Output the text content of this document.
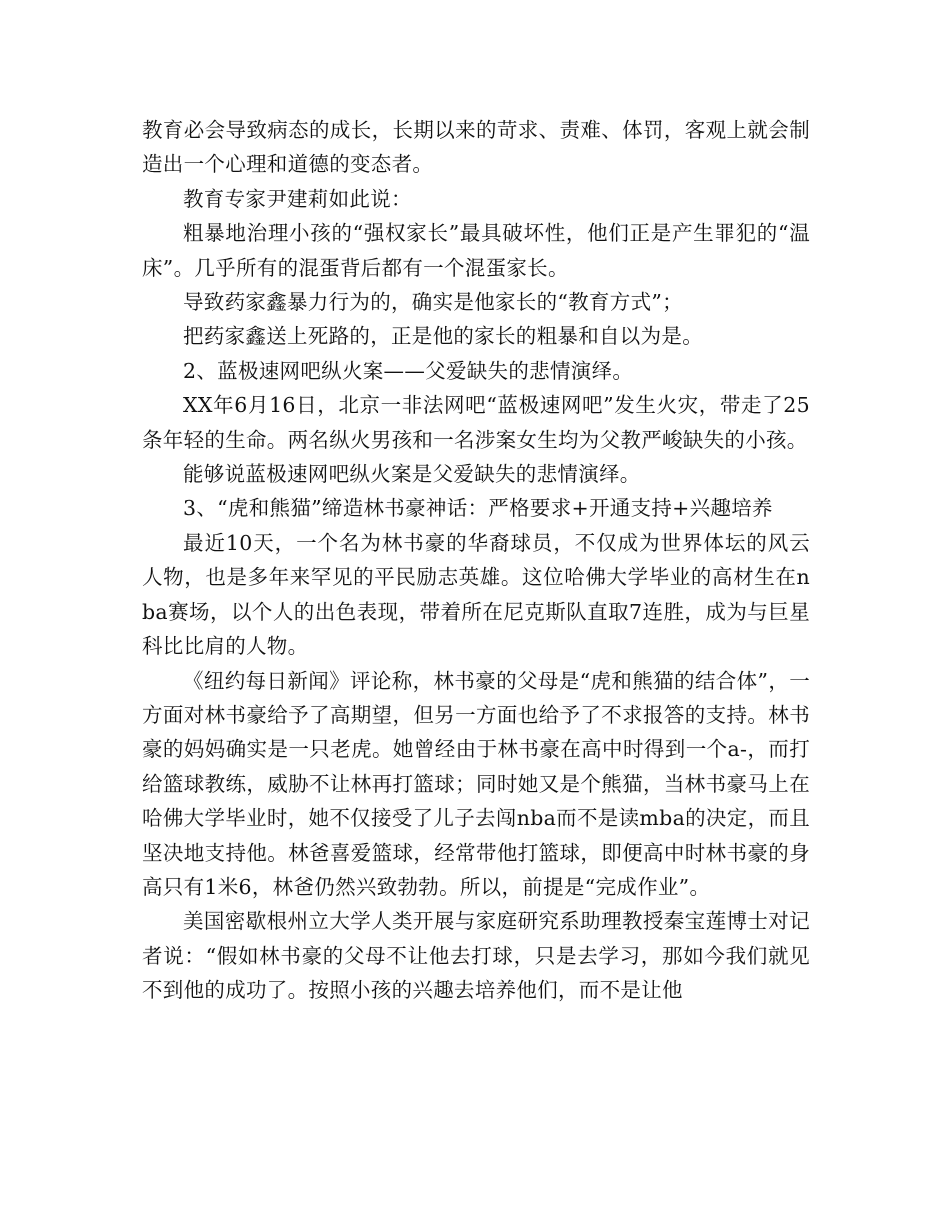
教育必会导致病态的成长，长期以来的苛求、责难、体罚，客观上就会制造出一个心理和道德的变态者。

教育专家尹建莉如此说：

粗暴地治理小孩的“强权家长”最具破坏性，他们正是产生罪犯的“温床”。几乎所有的混蛋背后都有一个混蛋家长。

导致药家鑫暴力行为的，确实是他家长的“教育方式”；

把药家鑫送上死路的，正是他的家长的粗暴和自以为是。

2、蓝极速网吧纵火案——父爱缺失的悲情演绎。

XX年6月16日，北京一非法网吧“蓝极速网吧”发生火灾，带走了25条年轻的生命。两名纵火男孩和一名涉案女生均为父教严峻缺失的小孩。

能够说蓝极速网吧纵火案是父爱缺失的悲情演绎。

3、“虎和熊猫”缔造林书豪神话：严格要求+开通支持+兴趣培养

最近10天，一个名为林书豪的华裔球员，不仅成为世界体坛的风云人物，也是多年来罕见的平民励志英雄。这位哈佛大学毕业的高材生在nba赛场，以个人的出色表现，带着所在尼克斯队直取7连胜，成为与巨星科比比肩的人物。

《纽约每日新闻》评论称，林书豪的父母是“虎和熊猫的结合体”，一方面对林书豪给予了高期望，但另一方面也给予了不求报答的支持。林书豪的妈妈确实是一只老虎。她曾经由于林书豪在高中时得到一个a-，而打给篮球教练，威胁不让林再打篮球；同时她又是个熊猫，当林书豪马上在哈佛大学毕业时，她不仅接受了儿子去闯nba而不是读mba的决定，而且坚决地支持他。林爸喜爱篮球，经常带他打篮球，即便高中时林书豪的身高只有1米6，林爸仍然兴致勃勃。所以，前提是“完成作业”。

美国密歇根州立大学人类开展与家庭研究系助理教授秦宝莲博士对记者说：“假如林书豪的父母不让他去打球，只是去学习，那如今我们就见不到他的成功了。按照小孩的兴趣去培养他们，而不是让他
